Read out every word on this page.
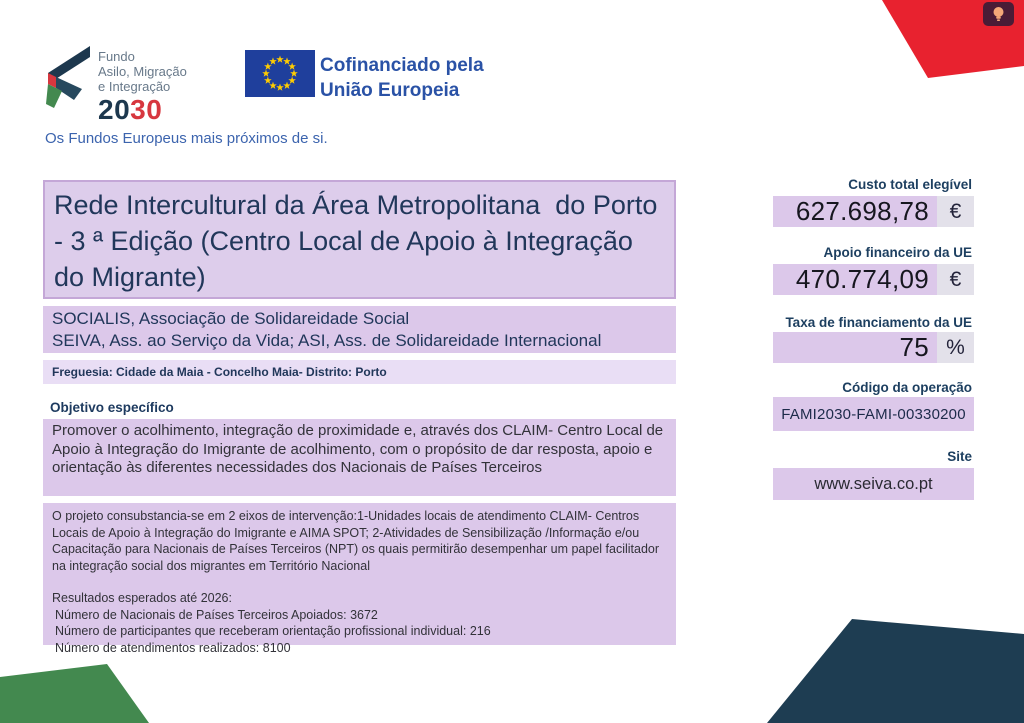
Fundo
Asilo, Migração
e Integração
2030
Cofinanciado pela
União Europeia
Os Fundos Europeus mais próximos de si.
Rede Intercultural da Área Metropolitana  do Porto - 3 ª Edição (Centro Local de Apoio à Integração do Migrante)
SOCIALIS, Associação de Solidareidade Social
SEIVA, Ass. ao Serviço da Vida; ASI, Ass. de Solidareidade Internacional
Freguesia: Cidade da Maia - Concelho Maia- Distrito: Porto
Objetivo específico
Promover o acolhimento, integração de proximidade e, através dos CLAIM- Centro Local de Apoio à Integração do Imigrante de acolhimento, com o propósito de dar resposta, apoio e orientação às diferentes necessidades dos Nacionais de Países Terceiros
O projeto consubstancia-se em 2 eixos de intervenção:1-Unidades locais de atendimento CLAIM- Centros Locais de Apoio à Integração do Imigrante e AIMA SPOT; 2-Atividades de Sensibilização /Informação e/ou Capacitação para Nacionais de Países Terceiros (NPT) os quais permitirão desempenhar um papel facilitador na integração social dos migrantes em Território Nacional
Resultados esperados até 2026:
Número de Nacionais de Países Terceiros Apoiados: 3672
Número de participantes que receberam orientação profissional individual: 216
Número de atendimentos realizados: 8100
Custo total elegível
627.698,78 €
Apoio financeiro da UE
470.774,09 €
Taxa de financiamento da UE
75 %
Código da operação
FAMI2030-FAMI-00330200
Site
www.seiva.co.pt
